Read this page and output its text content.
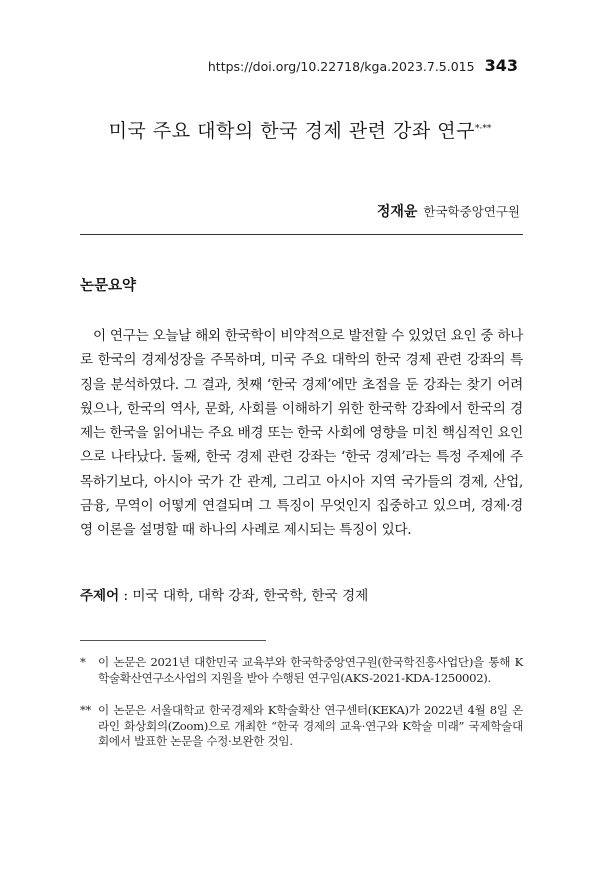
https://doi.org/10.22718/kga.2023.7.5.015 343
미국 주요 대학의 한국 경제 관련 강좌 연구*·**
정재윤 한국학중앙연구원
논문요약

이 연구는 오늘날 해외 한국학이 비약적으로 발전할 수 있었던 요인 중 하나로 한국의 경제성장을 주목하며, 미국 주요 대학의 한국 경제 관련 강좌의 특징을 분석하였다. 그 결과, 첫째 ‘한국 경제’에만 초점을 둔 강좌는 찾기 어려웠으나, 한국의 역사, 문화, 사회를 이해하기 위한 한국학 강좌에서 한국의 경제는 한국을 읽어내는 주요 배경 또는 한국 사회에 영향을 미친 핵심적인 요인으로 나타났다. 둘째, 한국 경제 관련 강좌는 ‘한국 경제’라는 특정 주제에 주목하기보다, 아시아 국가 간 관계, 그리고 아시아 지역 국가들의 경제, 산업, 금융, 무역이 어떻게 연결되며 그 특징이 무엇인지 집중하고 있으며, 경제·경영 이론을 설명할 때 하나의 사례로 제시되는 특징이 있다.

주제어 : 미국 대학, 대학 강좌, 한국학, 한국 경제
*	이 논문은 2021년 대한민국 교육부와 한국학중앙연구원(한국학진흥사업단)을 통해 K학술확산연구소사업의 지원을 받아 수행된 연구임(AKS-2021-KDA-1250002).
** 이 논문은 서울대학교 한국경제와 K학술확산 연구센터(KEKA)가 2022년 4월 8일 온라인 화상회의(Zoom)으로 개최한 “한국 경제의 교육·연구와 K학술 미래” 국제학술대회에서 발표한 논문을 수정·보완한 것임.
